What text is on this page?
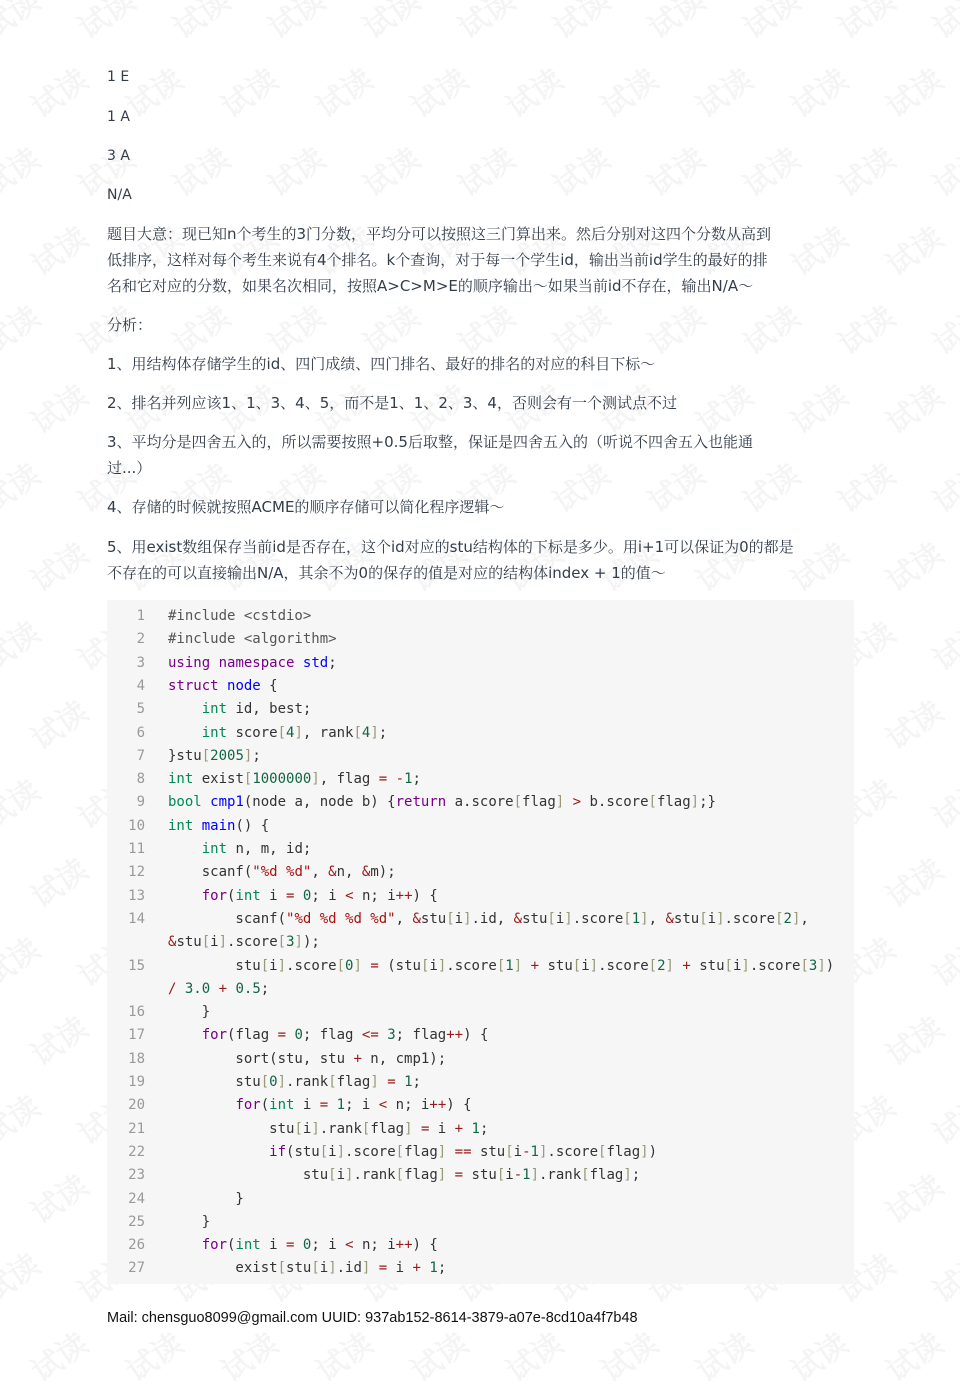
1 E
1 A
3 A
N/A
题目大意：现已知n个考生的3门分数，平均分可以按照这三门算出来。然后分别对这四个分数从高到
低排序，这样对每个考生来说有4个排名。k个查询，对于每一个学生id，输出当前id学生的最好的排
名和它对应的分数，如果名次相同，按照A>C>M>E的顺序输出～如果当前id不存在，输出N/A～
分析：
1、用结构体存储学生的id、四门成绩、四门排名、最好的排名的对应的科目下标～
2、排名并列应该1、1、3、4、5，而不是1、1、2、3、4，否则会有一个测试点不过
3、平均分是四舍五入的，所以需要按照+0.5后取整，保证是四舍五入的（听说不四舍五入也能通
过...）
4、存储的时候就按照ACME的顺序存储可以简化程序逻辑～
5、用exist数组保存当前id是否存在，这个id对应的stu结构体的下标是多少。用i+1可以保证为0的都是
不存在的可以直接输出N/A，其余不为0的保存的值是对应的结构体index + 1的值～
1 #include <cstdio>
2 #include <algorithm>
3 using namespace std;
4 struct node {
5	int id, best;
6	int score[4], rank[4];
7 }stu[2005];
8 int exist[1000000], flag = -1;
9 bool cmp1(node a, node b) {return a.score[flag] > b.score[flag];}
10 int main() {
11	int n, m, id;
12 scanf("%d %d", &n, &m);
13	for(int i = 0; i < n; i++) {
14 scanf("%d %d %d %d", &stu[i].id, &stu[i].score[1], &stu[i].score[2],
&stu[i].score[3]);
15 stu[i].score[0] = (stu[i].score[1] + stu[i].score[2] + stu[i].score[3])
/ 3.0 + 0.5;
16 }
17	for(flag = 0; flag <= 3; flag++) {
18 sort(stu, stu + n, cmp1);
19 stu[0].rank[flag] = 1;
20	for(int i = 1; i < n; i++) {
21 stu[i].rank[flag] = i + 1;
22	if(stu[i].score[flag] == stu[i-1].score[flag])
23 stu[i].rank[flag] = stu[i-1].rank[flag];
24 }
25 }
26	for(int i = 0; i < n; i++) {
27 exist[stu[i].id] = i + 1;
Mail: chensguo8099@gmail.com UUID: 937ab152-8614-3879-a07e-8cd10a4f7b48
